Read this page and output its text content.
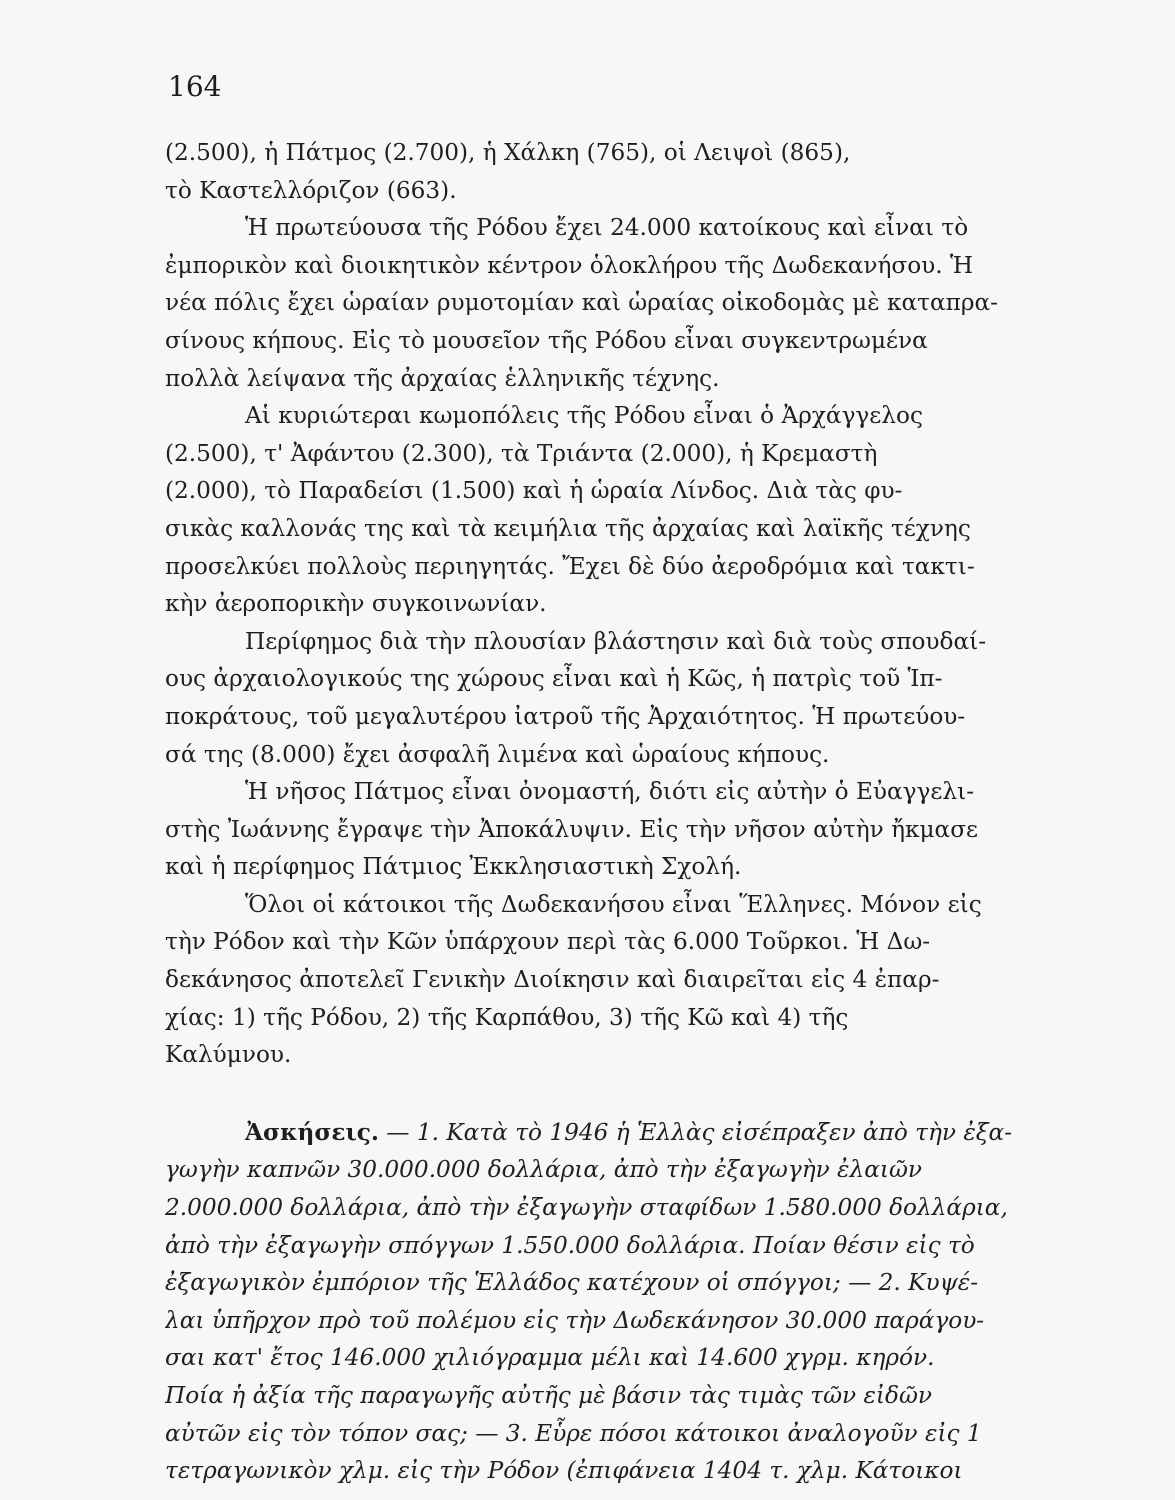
164
(2.500), ἡ Πάτμος (2.700), ἡ Χάλκη (765), οἱ Λειψοὶ (865),
τὸ Καστελλόριζον (663).
Ἡ πρωτεύουσα τῆς Ρόδου ἔχει 24.000 κατοίκους καὶ εἶναι τὸ
ἐμπορικὸν καὶ διοικητικὸν κέντρον ὁλοκλήρου τῆς Δωδεκανήσου. Ἡ
νέα πόλις ἔχει ὡραίαν ρυμοτομίαν καὶ ὡραίας οἰκοδομὰς μὲ καταπρα-
σίνους κήπους. Εἰς τὸ μουσεῖον τῆς Ρόδου εἶναι συγκεντρωμένα
πολλὰ λείψανα τῆς ἀρχαίας ἑλληνικῆς τέχνης.
Αἱ κυριώτεραι κωμοπόλεις τῆς Ρόδου εἶναι ὁ Ἀρχάγγελος
(2.500), τ' Ἀφάντου (2.300), τὰ Τριάντα (2.000), ἡ Κρεμαστὴ
(2.000), τὸ Παραδείσι (1.500) καὶ ἡ ὡραία Λίνδος. Διὰ τὰς φυ-
σικὰς καλλονάς της καὶ τὰ κειμήλια τῆς ἀρχαίας καὶ λαϊκῆς τέχνης
προσελκύει πολλοὺς περιηγητάς. Ἔχει δὲ δύο ἀεροδρόμια καὶ τακτι-
κὴν ἀεροπορικὴν συγκοινωνίαν.
Περίφημος διὰ τὴν πλουσίαν βλάστησιν καὶ διὰ τοὺς σπουδαί-
ους ἀρχαιολογικούς της χώρους εἶναι καὶ ἡ Κῶς, ἡ πατρὶς τοῦ Ἱπ-
ποκράτους, τοῦ μεγαλυτέρου ἰατροῦ τῆς Ἀρχαιότητος. Ἡ πρωτεύου-
σά της (8.000) ἔχει ἀσφαλῆ λιμένα καὶ ὡραίους κήπους.
Ἡ νῆσος Πάτμος εἶναι ὀνομαστή, διότι εἰς αὐτὴν ὁ Εὐαγγελι-
στὴς Ἰωάννης ἔγραψε τὴν Ἀποκάλυψιν. Εἰς τὴν νῆσον αὐτὴν ἤκμασε
καὶ ἡ περίφημος Πάτμιος Ἐκκλησιαστικὴ Σχολή.
Ὅλοι οἱ κάτοικοι τῆς Δωδεκανήσου εἶναι Ἕλληνες. Μόνον εἰς
τὴν Ρόδον καὶ τὴν Κῶν ὑπάρχουν περὶ τὰς 6.000 Τοῦρκοι. Ἡ Δω-
δεκάνησος ἀποτελεῖ Γενικὴν Διοίκησιν καὶ διαιρεῖται εἰς 4 ἐπαρ-
χίας: 1) τῆς Ρόδου, 2) τῆς Καρπάθου, 3) τῆς Κῶ καὶ 4) τῆς
Καλύμνου.
Ἀσκήσεις. — 1. Κατὰ τὸ 1946 ἡ Ἑλλὰς εἰσέπραξεν ἀπὸ τὴν ἐξα-
γωγὴν καπνῶν 30.000.000 δολλάρια, ἀπὸ τὴν ἐξαγωγὴν ἐλαιῶν
2.000.000 δολλάρια, ἀπὸ τὴν ἐξαγωγὴν σταφίδων 1.580.000 δολλάρια,
ἀπὸ τὴν ἐξαγωγὴν σπόγγων 1.550.000 δολλάρια. Ποίαν θέσιν εἰς τὸ
ἐξαγωγικὸν ἐμπόριον τῆς Ἑλλάδος κατέχουν οἱ σπόγγοι; — 2. Κυψέ-
λαι ὑπῆρχον πρὸ τοῦ πολέμου εἰς τὴν Δωδεκάνησον 30.000 παράγου-
σαι κατ' ἔτος 146.000 χιλιόγραμμα μέλι καὶ 14.600 χγρμ. κηρόν.
Ποία ἡ ἀξία τῆς παραγωγῆς αὐτῆς μὲ βάσιν τὰς τιμὰς τῶν εἰδῶν
αὐτῶν εἰς τὸν τόπον σας; — 3. Εὗρε πόσοι κάτοικοι ἀναλογοῦν εἰς 1
τετραγωνικὸν χλμ. εἰς τὴν Ρόδον (ἐπιφάνεια 1404 τ. χλμ. Κάτοικοι
